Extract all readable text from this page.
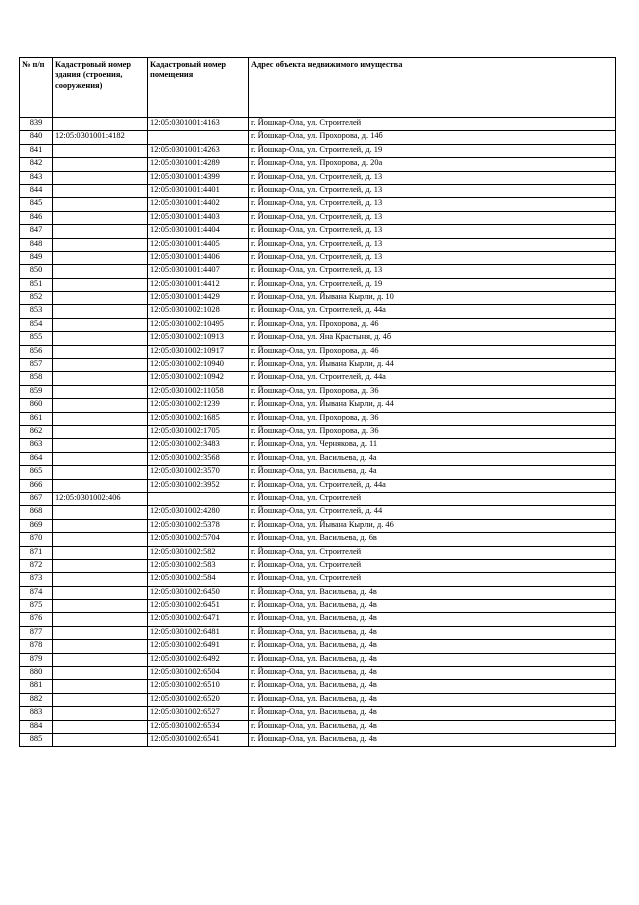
№ п/п	Кадастровый номер здания (строения, сооружения)	Кадастровый номер помещения	Адрес объекта недвижимого имущества
839		12:05:0301001:4163	г. Йошкар-Ола, ул. Строителей
840	12:05:0301001:4182		г. Йошкар-Ола, ул. Прохорова, д. 14б
841		12:05:0301001:4263	г. Йошкар-Ола, ул. Строителей, д. 19
842		12:05:0301001:4289	г. Йошкар-Ола, ул. Прохорова, д. 20а
843		12:05:0301001:4399	г. Йошкар-Ола, ул. Строителей, д. 13
844		12:05:0301001:4401	г. Йошкар-Ола, ул. Строителей, д. 13
845		12:05:0301001:4402	г. Йошкар-Ола, ул. Строителей, д. 13
846		12:05:0301001:4403	г. Йошкар-Ола, ул. Строителей, д. 13
847		12:05:0301001:4404	г. Йошкар-Ола, ул. Строителей, д. 13
848		12:05:0301001:4405	г. Йошкар-Ола, ул. Строителей, д. 13
849		12:05:0301001:4406	г. Йошкар-Ола, ул. Строителей, д. 13
850		12:05:0301001:4407	г. Йошкар-Ола, ул. Строителей, д. 13
851		12:05:0301001:4412	г. Йошкар-Ола, ул. Строителей, д. 19
852		12:05:0301001:4429	г. Йошкар-Ола, ул. Йывана Кырли, д. 10
853		12:05:0301002:1028	г. Йошкар-Ола, ул. Строителей, д. 44а
854		12:05:0301002:10495	г. Йошкар-Ола, ул. Прохорова, д. 46
855		12:05:0301002:10913	г. Йошкар-Ола, ул. Яна Крастыня, д. 4б
856		12:05:0301002:10917	г. Йошкар-Ола, ул. Прохорова, д. 46
857		12:05:0301002:10940	г. Йошкар-Ола, ул. Йывана Кырли, д. 44
858		12:05:0301002:10942	г. Йошкар-Ола, ул. Строителей, д. 44а
859		12:05:0301002:11058	г. Йошкар-Ола, ул. Прохорова, д. 36
860		12:05:0301002:1239	г. Йошкар-Ола, ул. Йывана Кырли, д. 44
861		12:05:0301002:1685	г. Йошкар-Ола, ул. Прохорова, д. 36
862		12:05:0301002:1705	г. Йошкар-Ола, ул. Прохорова, д. 36
863		12:05:0301002:3483	г. Йошкар-Ола, ул. Чернякова, д. 11
864		12:05:0301002:3568	г. Йошкар-Ола, ул. Васильева, д. 4а
865		12:05:0301002:3570	г. Йошкар-Ола, ул. Васильева, д. 4а
866		12:05:0301002:3952	г. Йошкар-Ола, ул. Строителей, д. 44а
867	12:05:0301002:406		г. Йошкар-Ола, ул. Строителей
868		12:05:0301002:4280	г. Йошкар-Ола, ул. Строителей, д. 44
869		12:05:0301002:5378	г. Йошкар-Ола, ул. Йывана Кырли, д. 46
870		12:05:0301002:5704	г. Йошкар-Ола, ул. Васильева, д. 6в
871		12:05:0301002:582	г. Йошкар-Ола, ул. Строителей
872		12:05:0301002:583	г. Йошкар-Ола, ул. Строителей
873		12:05:0301002:584	г. Йошкар-Ола, ул. Строителей
874		12:05:0301002:6450	г. Йошкар-Ола, ул. Васильева, д. 4в
875		12:05:0301002:6451	г. Йошкар-Ола, ул. Васильева, д. 4в
876		12:05:0301002:6471	г. Йошкар-Ола, ул. Васильева, д. 4в
877		12:05:0301002:6481	г. Йошкар-Ола, ул. Васильева, д. 4в
878		12:05:0301002:6491	г. Йошкар-Ола, ул. Васильева, д. 4в
879		12:05:0301002:6492	г. Йошкар-Ола, ул. Васильева, д. 4в
880		12:05:0301002:6504	г. Йошкар-Ола, ул. Васильева, д. 4в
881		12:05:0301002:6510	г. Йошкар-Ола, ул. Васильева, д. 4в
882		12:05:0301002:6520	г. Йошкар-Ола, ул. Васильева, д. 4в
883		12:05:0301002:6527	г. Йошкар-Ола, ул. Васильева, д. 4в
884		12:05:0301002:6534	г. Йошкар-Ола, ул. Васильева, д. 4в
885		12:05:0301002:6541	г. Йошкар-Ола, ул. Васильева, д. 4в
